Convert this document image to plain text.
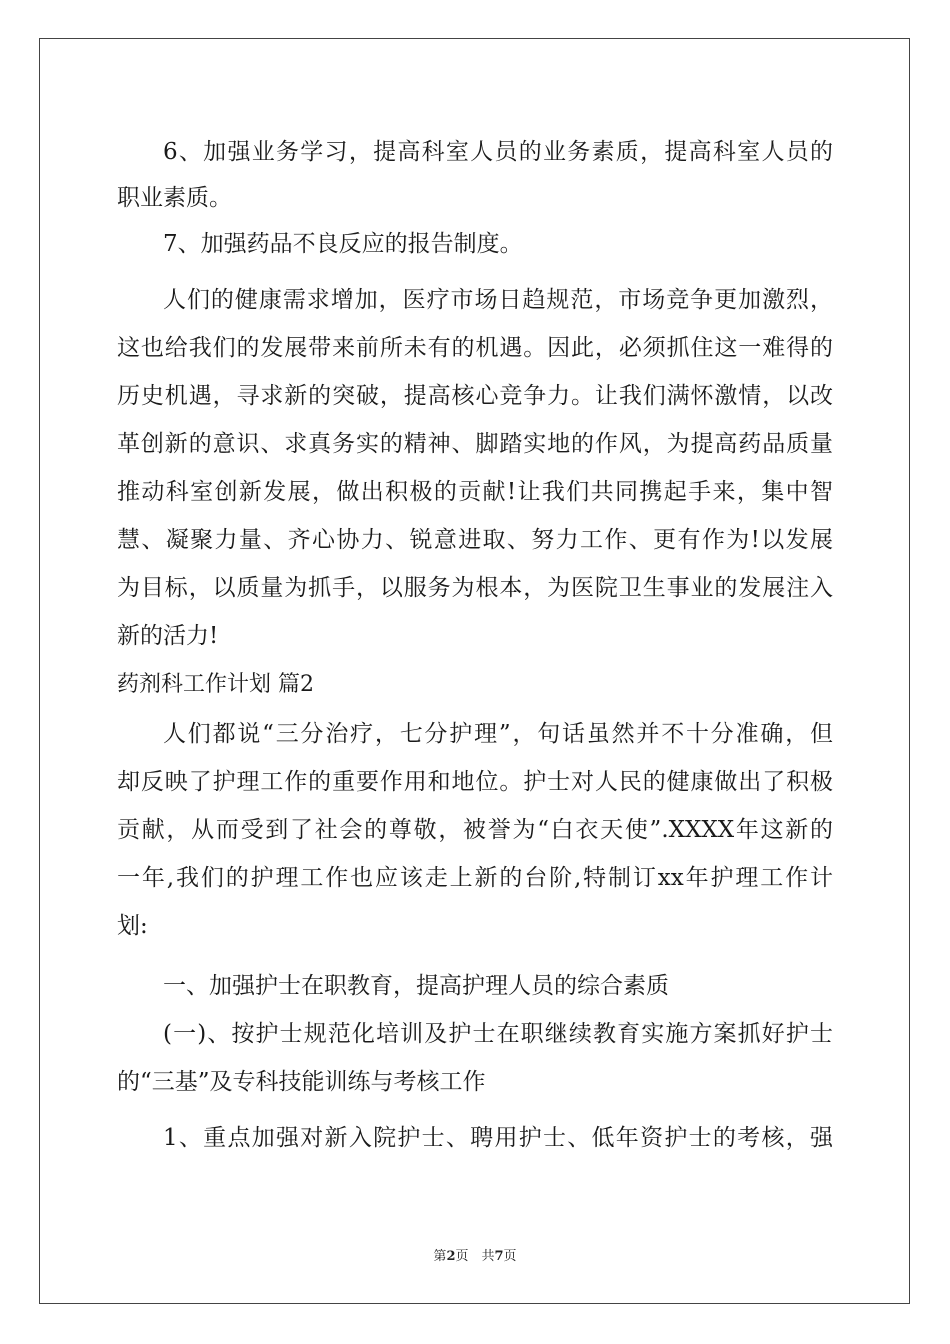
6、加强业务学习，提高科室人员的业务素质，提高科室人员的
职业素质。
7、加强药品不良反应的报告制度。
人们的健康需求增加，医疗市场日趋规范，市场竞争更加激烈，
这也给我们的发展带来前所未有的机遇。因此，必须抓住这一难得的
历史机遇，寻求新的突破，提高核心竞争力。让我们满怀激情，以改
革创新的意识、求真务实的精神、脚踏实地的作风，为提高药品质量
推动科室创新发展，做出积极的贡献!让我们共同携起手来，集中智
慧、凝聚力量、齐心协力、锐意进取、努力工作、更有作为!以发展
为目标，以质量为抓手，以服务为根本，为医院卫生事业的发展注入
新的活力!
药剂科工作计划 篇2
人们都说“三分治疗，七分护理”，句话虽然并不十分准确，但
却反映了护理工作的重要作用和地位。护士对人民的健康做出了积极
贡献，从而受到了社会的尊敬，被誉为“白衣天使”.XXXX年这新的
一年,我们的护理工作也应该走上新的台阶,特制订xx年护理工作计
划:
一、加强护士在职教育，提高护理人员的综合素质
(一)、按护士规范化培训及护士在职继续教育实施方案抓好护士
的“三基”及专科技能训练与考核工作
1、重点加强对新入院护士、聘用护士、低年资护士的考核，强
第2页　共7页
